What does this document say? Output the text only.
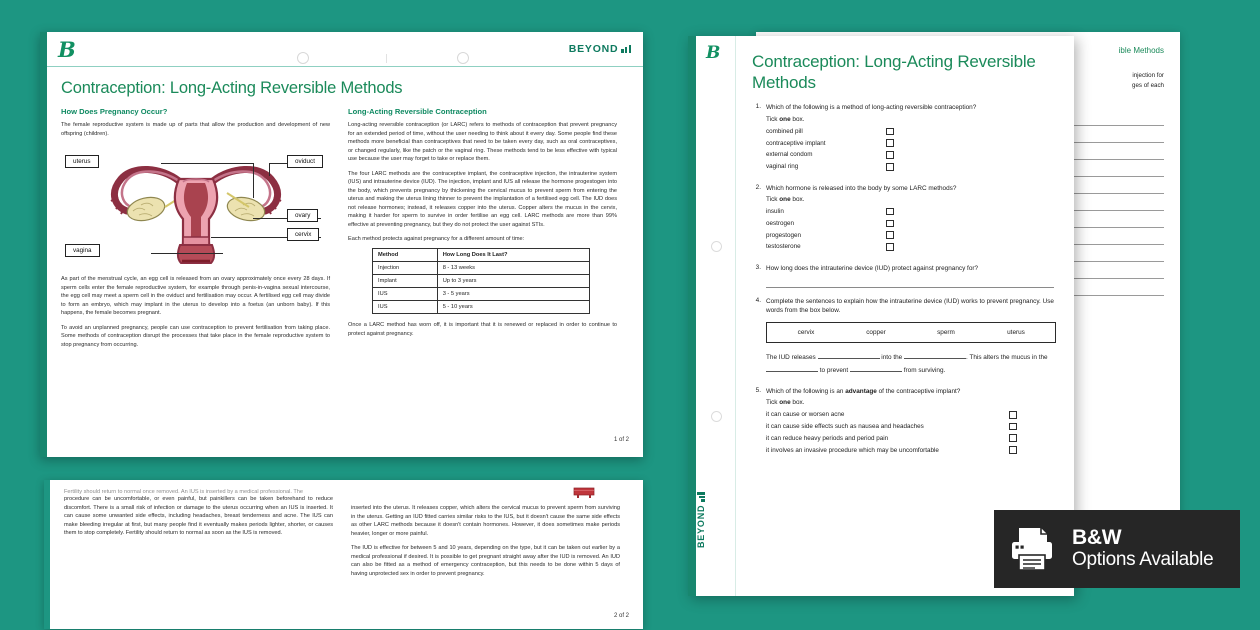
Fertility should return to normal once removed. An IUS is inserted by a medical professional. The
procedure can be uncomfortable, or even painful, but painkillers can be taken beforehand to reduce discomfort. There is a small risk of infection or damage to the uterus occurring when an IUS is inserted. It can cause some unwanted side effects, including headaches, breast tenderness and acne. The IUS can make bleeding irregular at first, but many people find it eventually makes periods lighter, shorter, or causes them to stop completely. Fertility should return to normal as soon as the IUS is removed.
inserted into the uterus. It releases copper, which alters the cervical mucus to prevent sperm from surviving in the uterus. Getting an IUD fitted carries similar risks to the IUS, but it doesn't cause the same side effects as other LARC methods because it doesn't contain hormones. However, it does sometimes make periods heavier, longer or more painful.
The IUD is effective for between 5 and 10 years, depending on the type, but it can be taken out earlier by a medical professional if desired. It is possible to get pregnant straight away after the IUD is removed. An IUD can also be fitted as a method of emergency contraception, but this needs to be done within 5 days of having unprotected sex in order to prevent pregnancy.
2 of 2
B	BEYOND
Contraception: Long-Acting Reversible Methods
How Does Pregnancy Occur?
The female reproductive system is made up of parts that allow the production and development of new offspring (children).
uterus	oviduct
ovary
cervix
vagina
As part of the menstrual cycle, an egg cell is released from an ovary approximately once every 28 days. If sperm cells enter the female reproductive system, for example through penis-in-vagina sexual intercourse, the egg cell may meet a sperm cell in the oviduct and fertilisation may occur. A fertilised egg cell may divide to form an embryo, which may implant in the uterus to develop into a foetus (an unborn baby). If this happens, the female becomes pregnant.
To avoid an unplanned pregnancy, people can use contraception to prevent fertilisation from taking place. Some methods of contraception disrupt the processes that take place in the female reproductive system to stop pregnancy from occurring.
Long-Acting Reversible Contraception
Long-acting reversible contraception (or LARC) refers to methods of contraception that prevent pregnancy for an extended period of time, without the user needing to think about it every day. Some people find these methods more beneficial than contraceptives that need to be taken every day, such as oral contraceptives, or changed regularly, like the patch or the vaginal ring. These methods tend to be less effective with typical use because the user may forget to take or replace them.
The four LARC methods are the contraceptive implant, the contraceptive injection, the intrauterine system (IUS) and intrauterine device (IUD). The injection, implant and IUS all release the hormone progestogen into the body, which prevents pregnancy by thickening the cervical mucus to prevent sperm from entering the uterus and making the uterus lining thinner to prevent the implantation of a fertilised egg cell. The IUD does not release hormones; instead, it releases copper into the uterus. Copper alters the mucus in the cervix, making it harder for sperm to survive in order fertilise an egg cell. LARC methods are more than 99% effective at preventing pregnancy, but they do not protect the user against STIs.
Each method protects against pregnancy for a different amount of time:
Method	How Long Does It Last?
Injection	8 - 13 weeks
Implant	Up to 3 years
IUS	3 - 5 years
IUS	5 - 10 years
Once a LARC method has worn off, it is important that it is renewed or replaced in order to continue to protect against pregnancy.
1 of 2
ible Methods
injection for
ges of each
B
BEYOND
Contraception: Long-Acting Reversible Methods
1. Which of the following is a method of long-acting reversible contraception?
Tick one box.
combined pill
contraceptive implant
external condom
vaginal ring
2. Which hormone is released into the body by some LARC methods?
Tick one box.
insulin
oestrogen
progestogen
testosterone
3. How long does the intrauterine device (IUD) protect against pregnancy for?
4. Complete the sentences to explain how the intrauterine device (IUD) works to prevent pregnancy. Use words from the box below.
cervix	copper	sperm	uterus
The IUD releases	into the	. This alters the mucus in the  to prevent	from surviving.
5. Which of the following is an advantage of the contraceptive implant?
Tick one box.
it can cause or worsen acne
it can cause side effects such as nausea and headaches
it can reduce heavy periods and period pain
it involves an invasive procedure which may be uncomfortable
B&W
Options Available
